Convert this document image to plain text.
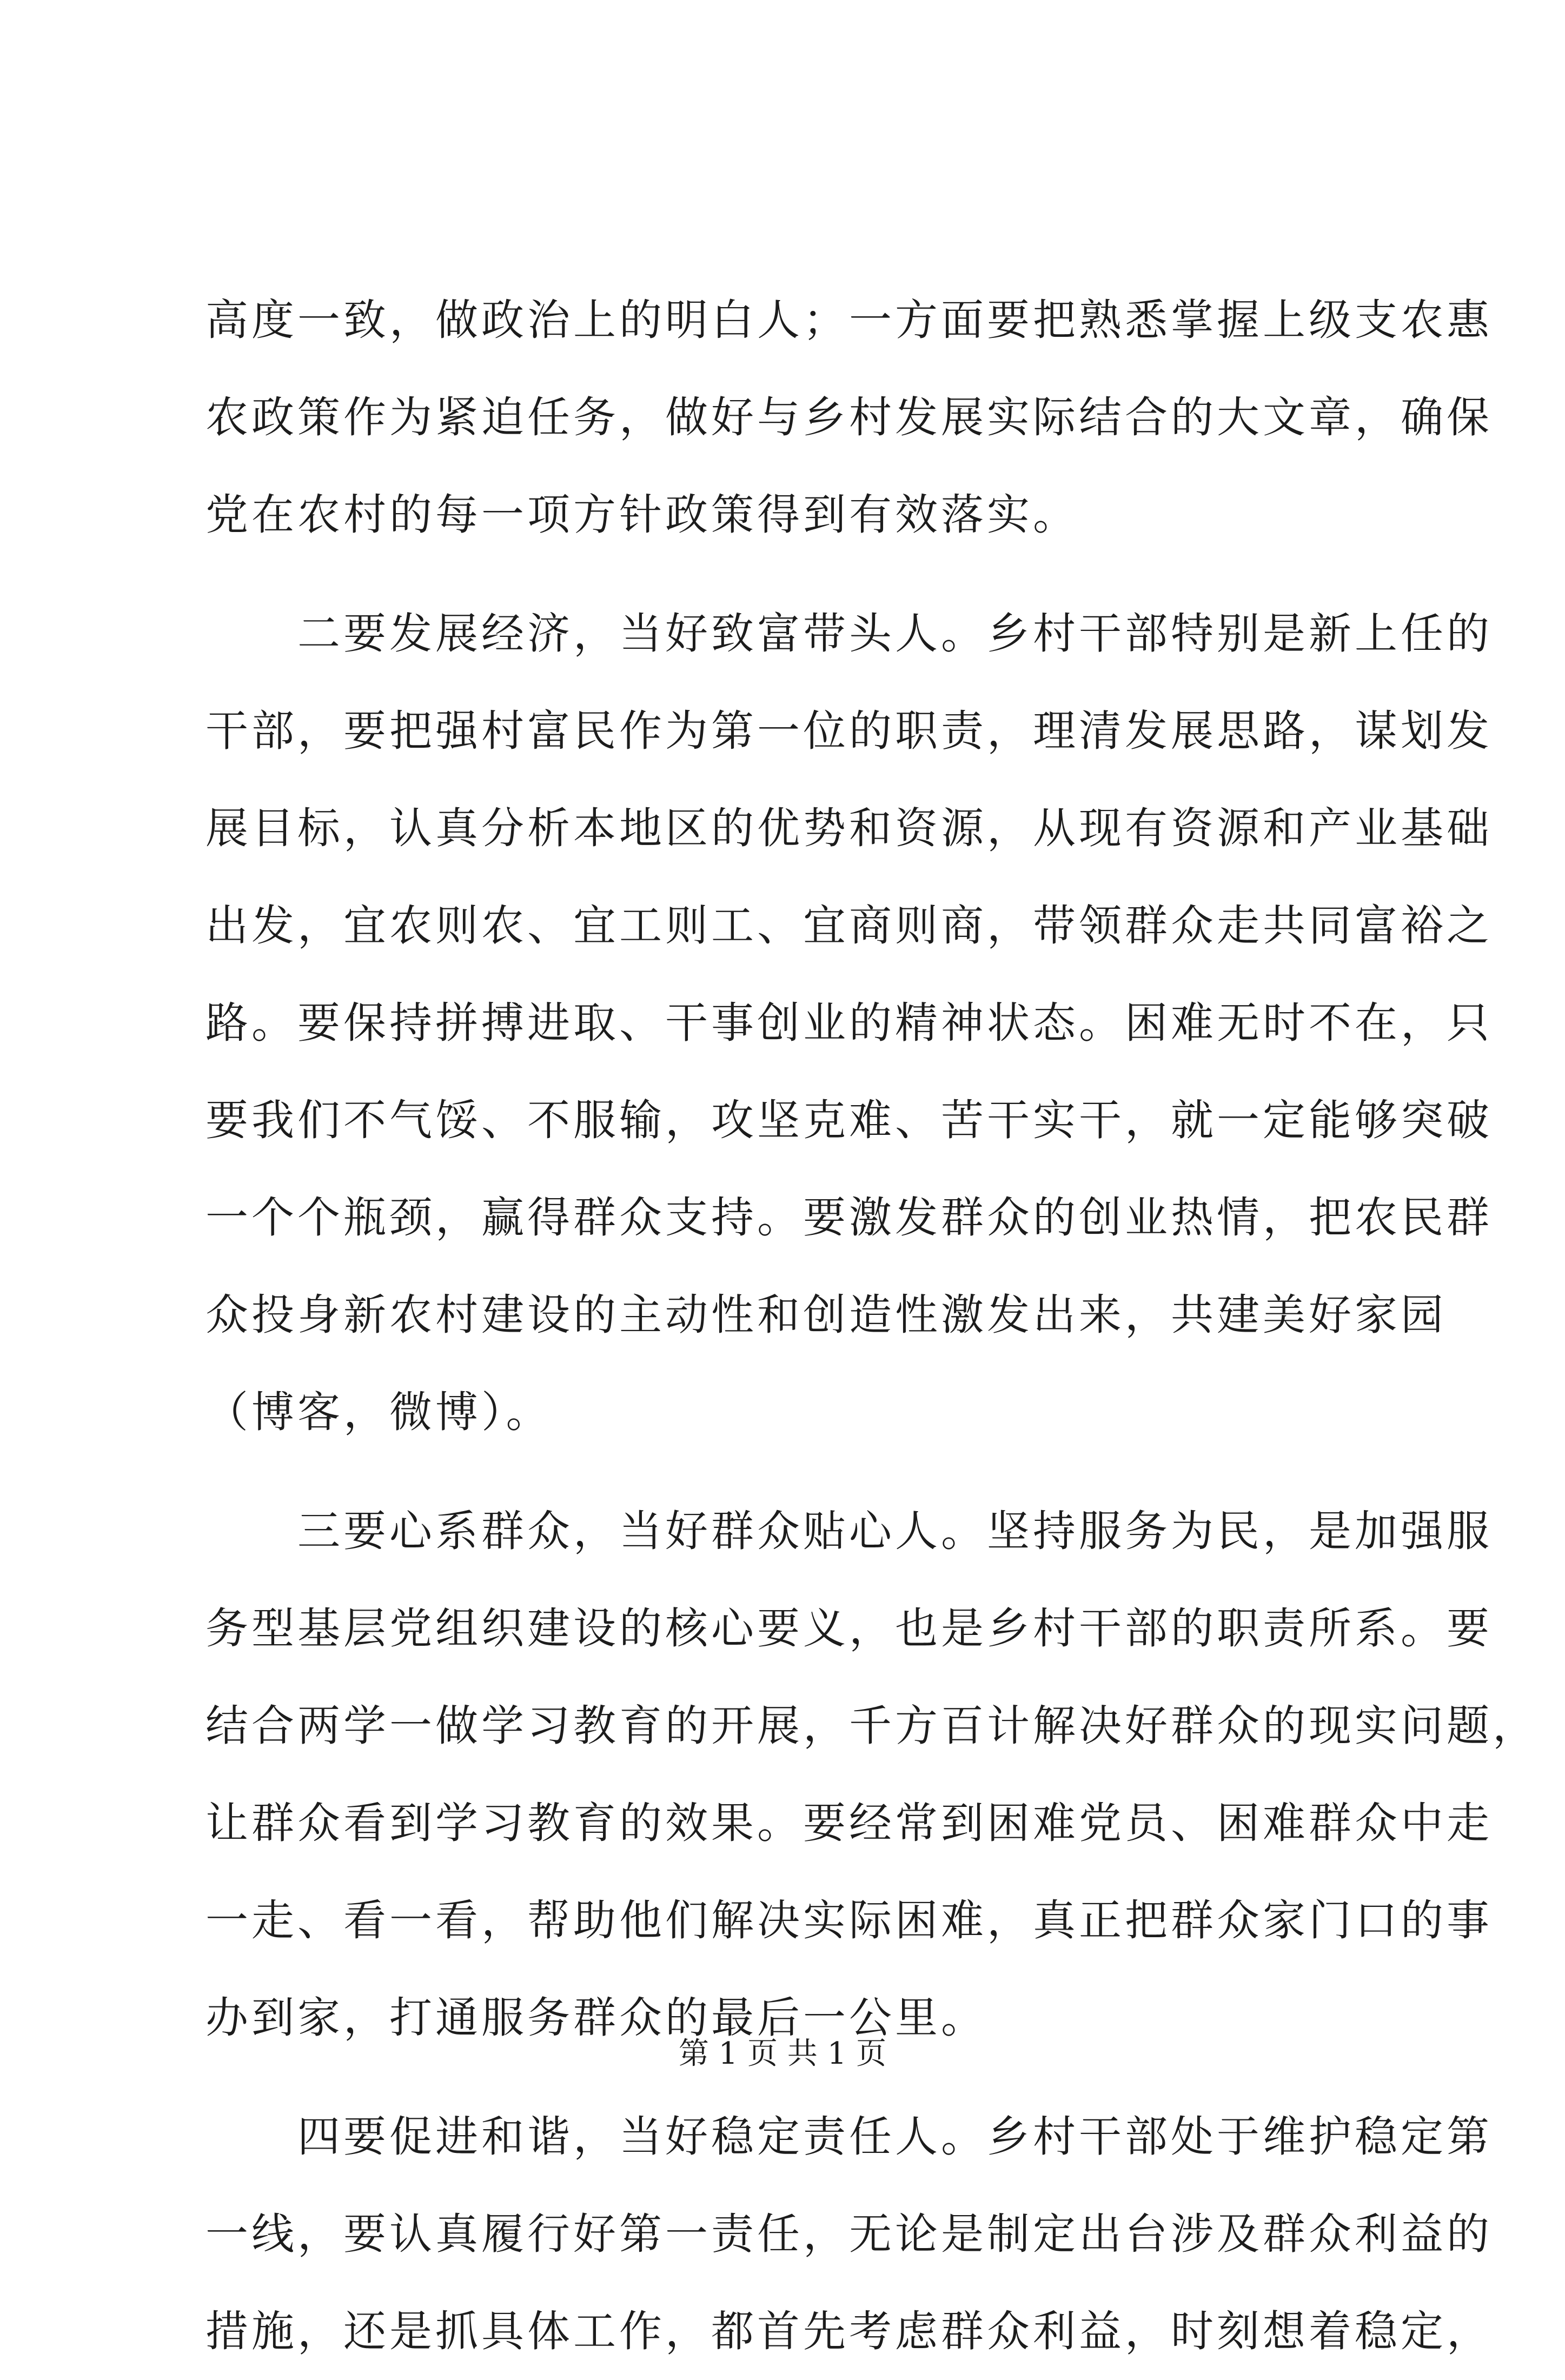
高度一致，做政治上的明白人；一方面要把熟悉掌握上级支农惠
农政策作为紧迫任务，做好与乡村发展实际结合的大文章，确保
党在农村的每一项方针政策得到有效落实。
　　二要发展经济，当好致富带头人。乡村干部特别是新上任的
干部，要把强村富民作为第一位的职责，理清发展思路，谋划发
展目标，认真分析本地区的优势和资源，从现有资源和产业基础
出发，宜农则农、宜工则工、宜商则商，带领群众走共同富裕之
路。要保持拼搏进取、干事创业的精神状态。困难无时不在，只
要我们不气馁、不服输，攻坚克难、苦干实干，就一定能够突破
一个个瓶颈，赢得群众支持。要激发群众的创业热情，把农民群
众投身新农村建设的主动性和创造性激发出来，共建美好家园
（博客，微博）。
　　三要心系群众，当好群众贴心人。坚持服务为民，是加强服
务型基层党组织建设的核心要义，也是乡村干部的职责所系。要
结合两学一做学习教育的开展，千方百计解决好群众的现实问题，
让群众看到学习教育的效果。要经常到困难党员、困难群众中走
一走、看一看，帮助他们解决实际困难，真正把群众家门口的事
办到家，打通服务群众的最后一公里。
　　四要促进和谐，当好稳定责任人。乡村干部处于维护稳定第
一线，要认真履行好第一责任，无论是制定出台涉及群众利益的
措施，还是抓具体工作，都首先考虑群众利益，时刻想着稳定，
第 1 页 共 1 页
